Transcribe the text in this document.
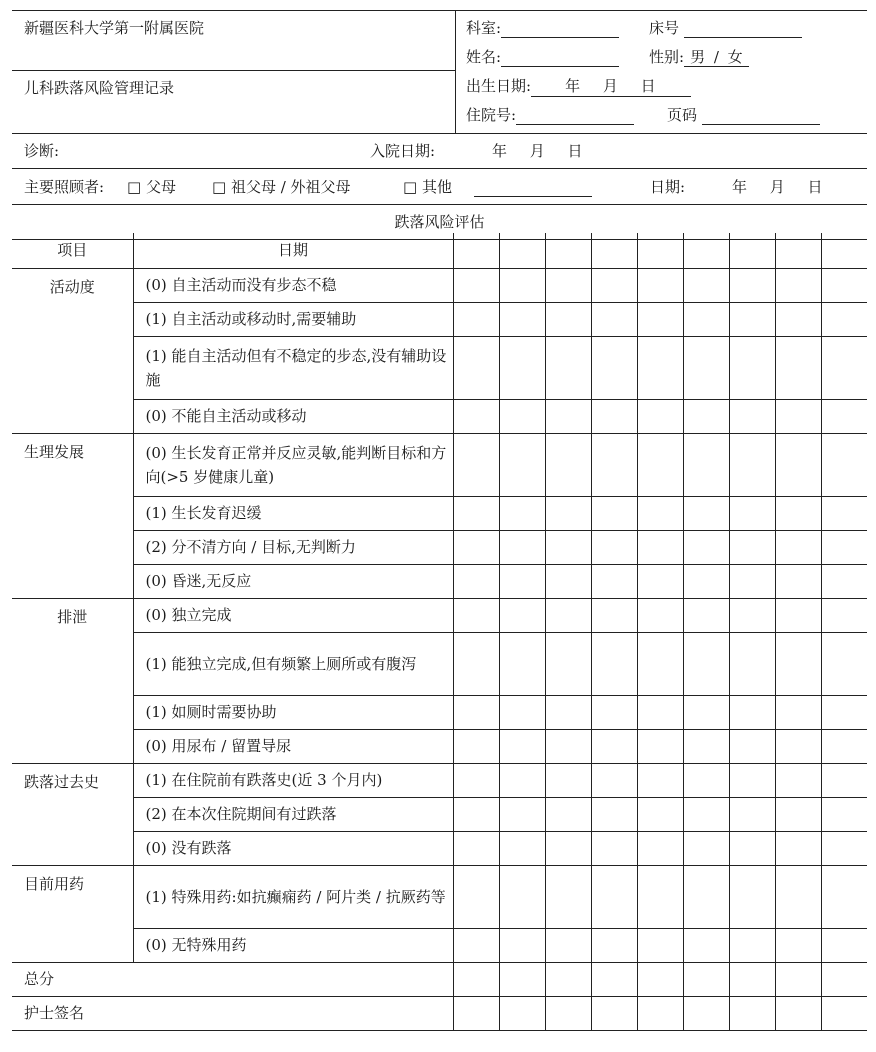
新疆医科大学第一附属医院
儿科跌落风险管理记录
科室:	床号
姓名:	性别: 男 / 女
出生日期: 年 月 日
住院号:	页码
诊断:	入院日期:	年 月 日
主要照顾者: □ 父母 □ 祖父母 / 外祖父母	□ 其他	日期:	年 月 日
跌落风险评估
项目	日期									
活动度	(0) 自主活动而没有步态不稳									
	(1) 自主活动或移动时,需要辅助									
	(1) 能自主活动但有不稳定的步态,没有辅助设施									
	(0) 不能自主活动或移动									
生理发展	(0) 生长发育正常并反应灵敏,能判断目标和方向(>5 岁健康儿童)									
	(1) 生长发育迟缓									
	(2) 分不清方向 / 目标,无判断力									
	(0) 昏迷,无反应									
排泄	(0) 独立完成									
	(1) 能独立完成,但有频繁上厕所或有腹泻									
	(1) 如厕时需要协助									
	(0) 用尿布 / 留置导尿									
跌落过去史	(1) 在住院前有跌落史(近 3 个月内)									
	(2) 在本次住院期间有过跌落									
	(0) 没有跌落									
目前用药	(1) 特殊用药:如抗癫痫药 / 阿片类 / 抗厥药等									
	(0) 无特殊用药									
总分										
护士签名										
